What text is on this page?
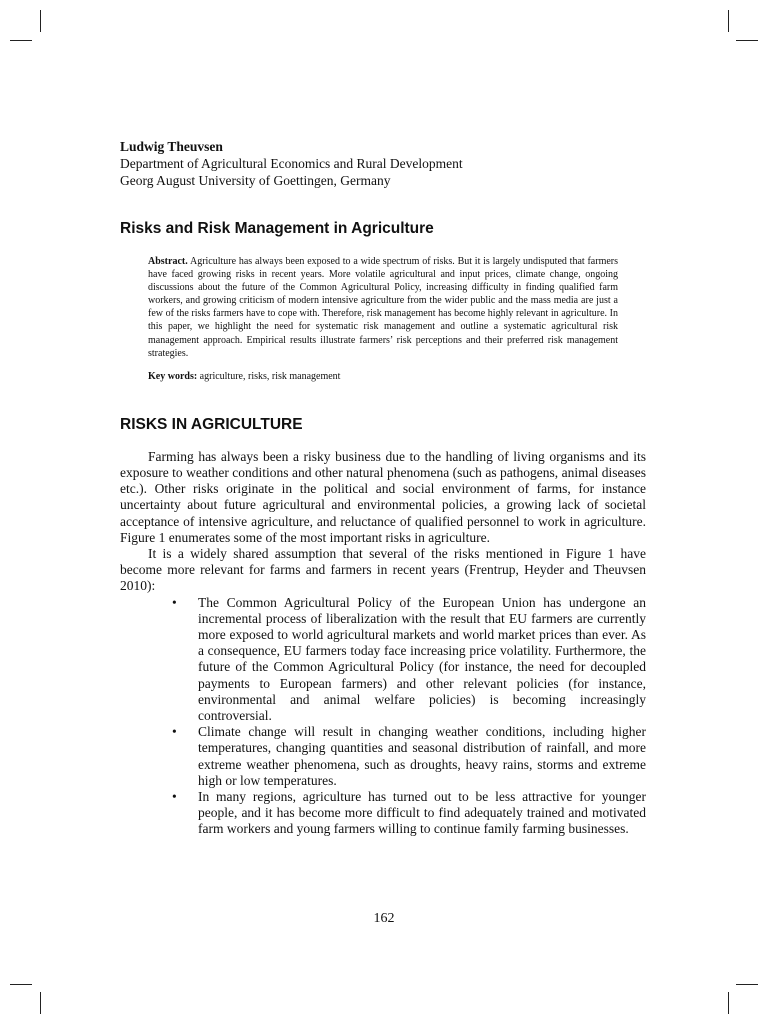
Ludwig Theuvsen
Department of Agricultural Economics and Rural Development
Georg August University of Goettingen, Germany
Risks and Risk Management in Agriculture
Abstract. Agriculture has always been exposed to a wide spectrum of risks. But it is largely undisputed that farmers have faced growing risks in recent years. More volatile agricultural and input prices, climate change, ongoing discussions about the future of the Common Agricultural Policy, increasing difficulty in finding qualified farm workers, and growing criticism of modern intensive agriculture from the wider public and the mass media are just a few of the risks farmers have to cope with. Therefore, risk management has become highly relevant in agriculture. In this paper, we highlight the need for systematic risk management and outline a systematic agricultural risk management approach. Empirical results illustrate farmers’ risk perceptions and their preferred risk management strategies.
Key words: agriculture, risks, risk management
RISKS IN AGRICULTURE

Farming has always been a risky business due to the handling of living organisms and its exposure to weather conditions and other natural phenomena (such as pathogens, animal diseases etc.). Other risks originate in the political and social environment of farms, for instance uncertainty about future agricultural and environmental policies, a growing lack of societal acceptance of intensive agriculture, and reluctance of qualified personnel to work in agriculture. Figure 1 enumerates some of the most important risks in agriculture.

It is a widely shared assumption that several of the risks mentioned in Figure 1 have become more relevant for farms and farmers in recent years (Frentrup, Heyder and Theuvsen 2010):

• The Common Agricultural Policy of the European Union has undergone an incremental process of liberalization with the result that EU farmers are currently more exposed to world agricultural markets and world market prices than ever. As a consequence, EU farmers today face increasing price volatility. Furthermore, the future of the Common Agricultural Policy (for instance, the need for decoupled payments to European farmers) and other relevant policies (for instance, environmental and animal welfare policies) is becoming increasingly controversial.
• Climate change will result in changing weather conditions, including higher temperatures, changing quantities and seasonal distribution of rainfall, and more extreme weather phenomena, such as droughts, heavy rains, storms and extreme high or low temperatures.
• In many regions, agriculture has turned out to be less attractive for younger people, and it has become more difficult to find adequately trained and motivated farm workers and young farmers willing to continue family farming businesses.
162
